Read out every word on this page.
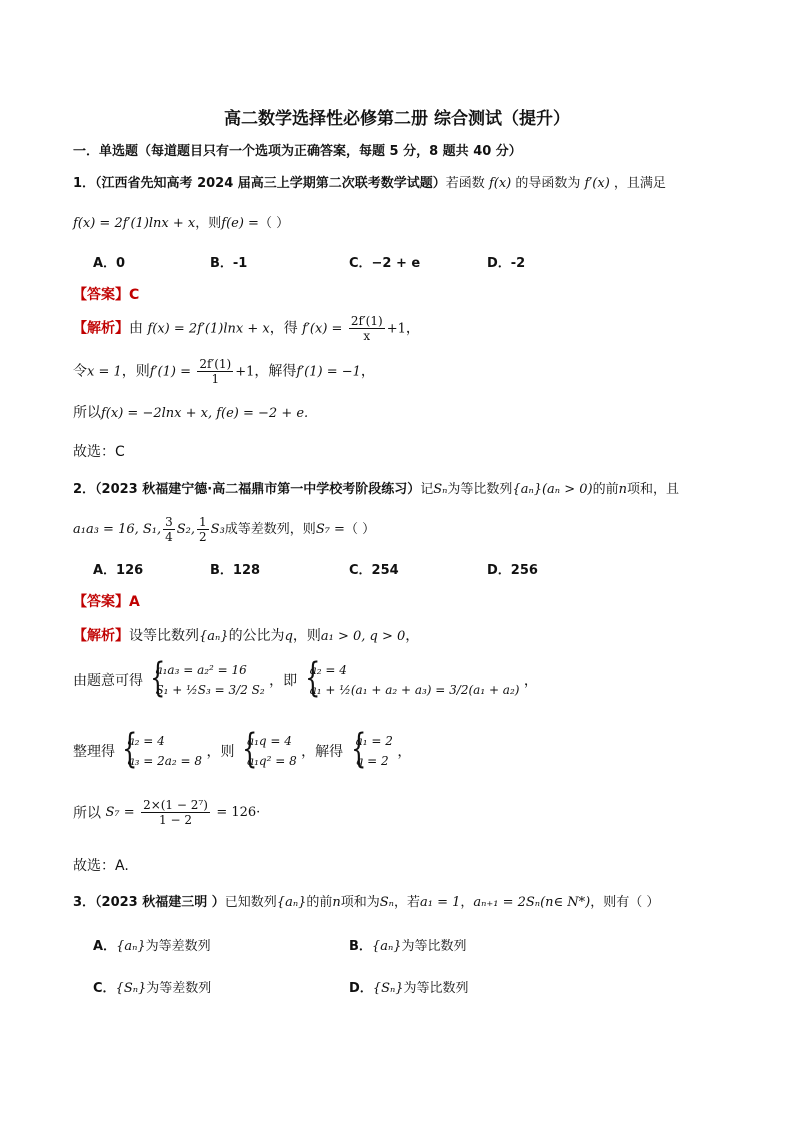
高二数学选择性必修第二册 综合测试（提升）
一．单选题（每道题目只有一个选项为正确答案，每题 5 分，8 题共 40 分）
1．（江西省先知高考 2024 届高三上学期第二次联考数学试题）若函数 f(x) 的导函数为 f′(x) ，且满足
f(x) = 2f′(1)lnx + x，则f(e) =（ ）
A．0	B．-1	C．−2 + e	D．-2
【答案】C
【解析】由 f(x) = 2f′(1)lnx + x，得 $f'(x) = \frac{2f'(1)}{x} +1$，
令x = 1，则$f'(1) = \frac{2f'(1)}{1} +1$，解得f′(1) = −1，
所以f(x) = −2lnx + x, f(e) = −2 + e.
故选：C
2．（2023 秋福建宁德·高二福鼎市第一中学校考阶段练习）记Sₙ为等比数列{aₙ}(aₙ > 0)的前n项和，且
a₁a₃ = 16, S₁, $\frac{3}{4} S_2$, $\frac{1}{2} S_3$成等差数列，则S₇ =（ ）
A．126	B．128	C．254	D．256
【答案】A
【解析】设等比数列{aₙ}的公比为q，则a₁ > 0, q > 0，
由题意可得
{ a₁a₃ = a₂² = 16
S₁ + ½S₃ = 3/2 S₂
，即
{ a₂ = 4
a₁ + ½(a₁ + a₂ + a₃) = 3/2(a₁ + a₂)
，
整理得
{ a₂ = 4
a₃ = 2a₂ = 8
，则
{ a₁q = 4
a₁q² = 8
，解得
{ a₁ = 2
q = 2
，
所以 $S_7 = \frac{\text{2×(1 − 2⁷)}}{1 - 2} = 126\cdot$
故选：A.
3．（2023 秋福建三明 ）已知数列{aₙ}的前n项和为Sₙ，若a₁ = 1，aₙ₊₁ = 2Sₙ(n∈ N*)，则有（ ）
A．{aₙ}为等差数列	B．{aₙ}为等比数列
C．{Sₙ}为等差数列	D．{Sₙ}为等比数列
